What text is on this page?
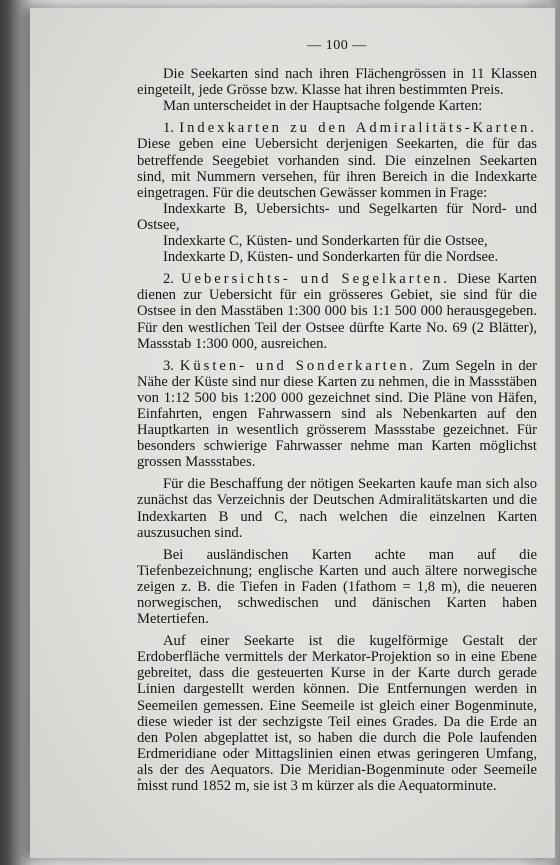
— 100 —

Die Seekarten sind nach ihren Flächengrössen in 11 Klassen eingeteilt, jede Grösse bzw. Klasse hat ihren bestimmten Preis.

Man unterscheidet in der Hauptsache folgende Karten:

1. Indexkarten zu den Admiralitäts-Karten. Diese geben eine Uebersicht derjenigen Seekarten, die für das betreffende Seegebiet vorhanden sind. Die einzelnen Seekarten sind, mit Nummern versehen, für ihren Bereich in die Indexkarte eingetragen. Für die deutschen Gewässer kommen in Frage:

Indexkarte B, Uebersichts- und Segelkarten für Nord- und Ostsee,
Indexkarte C, Küsten- und Sonderkarten für die Ostsee,
Indexkarte D, Küsten- und Sonderkarten für die Nordsee.

2. Uebersichts- und Segelkarten. Diese Karten dienen zur Uebersicht für ein grösseres Gebiet, sie sind für die Ostsee in den Masstäben 1:300 000 bis 1:1 500 000 herausgegeben. Für den westlichen Teil der Ostsee dürfte Karte No. 69 (2 Blätter), Massstab 1:300 000, ausreichen.

3. Küsten- und Sonderkarten. Zum Segeln in der Nähe der Küste sind nur diese Karten zu nehmen, die in Massstäben von 1:12 500 bis 1:200 000 gezeichnet sind. Die Pläne von Häfen, Einfahrten, engen Fahrwassern sind als Nebenkarten auf den Hauptkarten in wesentlich grösserem Massstabe gezeichnet. Für besonders schwierige Fahrwasser nehme man Karten möglichst grossen Massstabes.

Für die Beschaffung der nötigen Seekarten kaufe man sich also zunächst das Verzeichnis der Deutschen Admiralitätskarten und die Indexkarten B und C, nach welchen die einzelnen Karten auszusuchen sind.

Bei ausländischen Karten achte man auf die Tiefenbezeichnung; englische Karten und auch ältere norwegische zeigen z. B. die Tiefen in Faden (1fathom = 1,8 m), die neueren norwegischen, schwedischen und dänischen Karten haben Metertiefen.

Auf einer Seekarte ist die kugelförmige Gestalt der Erdoberfläche vermittels der Merkator-Projektion so in eine Ebene gebreitet, dass die gesteuerten Kurse in der Karte durch gerade Linien dargestellt werden können. Die Entfernungen werden in Seemeilen gemessen. Eine Seemeile ist gleich einer Bogenminute, diese wieder ist der sechzigste Teil eines Grades. Da die Erde an den Polen abgeplattet ist, so haben die durch die Pole laufenden Erdmeridiane oder Mittagslinien einen etwas geringeren Umfang, als der des Aequators. Die Meridian-Bogenminute oder Seemeile misst rund 1852 m, sie ist 3 m kürzer als die Aequatorminute.
